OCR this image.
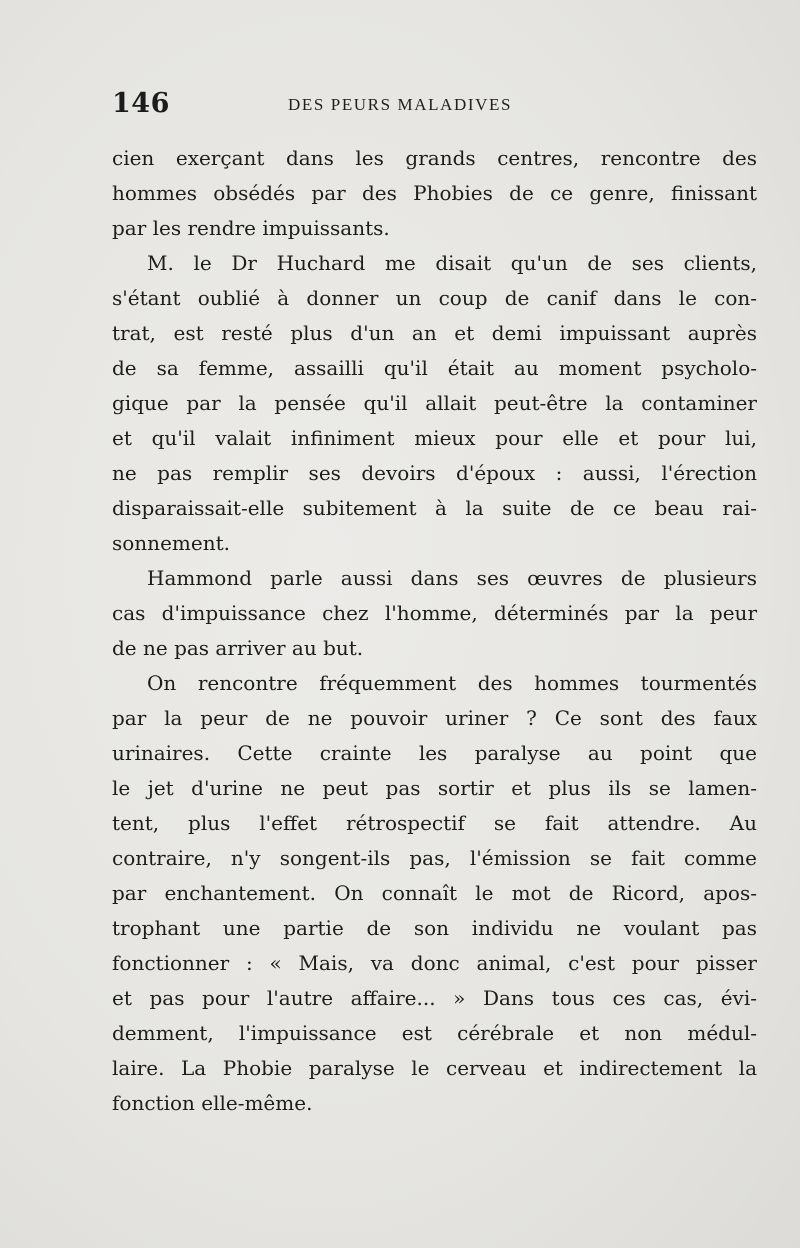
146	DES PEURS MALADIVES
cien exerçant dans les grands centres, rencontre des
hommes obsédés par des Phobies de ce genre, finissant
par les rendre impuissants.
M. le Dr Huchard me disait qu'un de ses clients,
s'étant oublié à donner un coup de canif dans le con-
trat, est resté plus d'un an et demi impuissant auprès
de sa femme, assailli qu'il était au moment psycholo-
gique par la pensée qu'il allait peut-être la contaminer
et qu'il valait infiniment mieux pour elle et pour lui,
ne pas remplir ses devoirs d'époux : aussi, l'érection
disparaissait-elle subitement à la suite de ce beau rai-
sonnement.
Hammond parle aussi dans ses œuvres de plusieurs
cas d'impuissance chez l'homme, déterminés par la peur
de ne pas arriver au but.
On rencontre fréquemment des hommes tourmentés
par la peur de ne pouvoir uriner ? Ce sont des faux
urinaires. Cette crainte les paralyse au point que
le jet d'urine ne peut pas sortir et plus ils se lamen-
tent, plus l'effet rétrospectif se fait attendre. Au
contraire, n'y songent-ils pas, l'émission se fait comme
par enchantement. On connaît le mot de Ricord, apos-
trophant une partie de son individu ne voulant pas
fonctionner : « Mais, va donc animal, c'est pour pisser
et pas pour l'autre affaire... » Dans tous ces cas, évi-
demment, l'impuissance est cérébrale et non médul-
laire. La Phobie paralyse le cerveau et indirectement la
fonction elle-même.
